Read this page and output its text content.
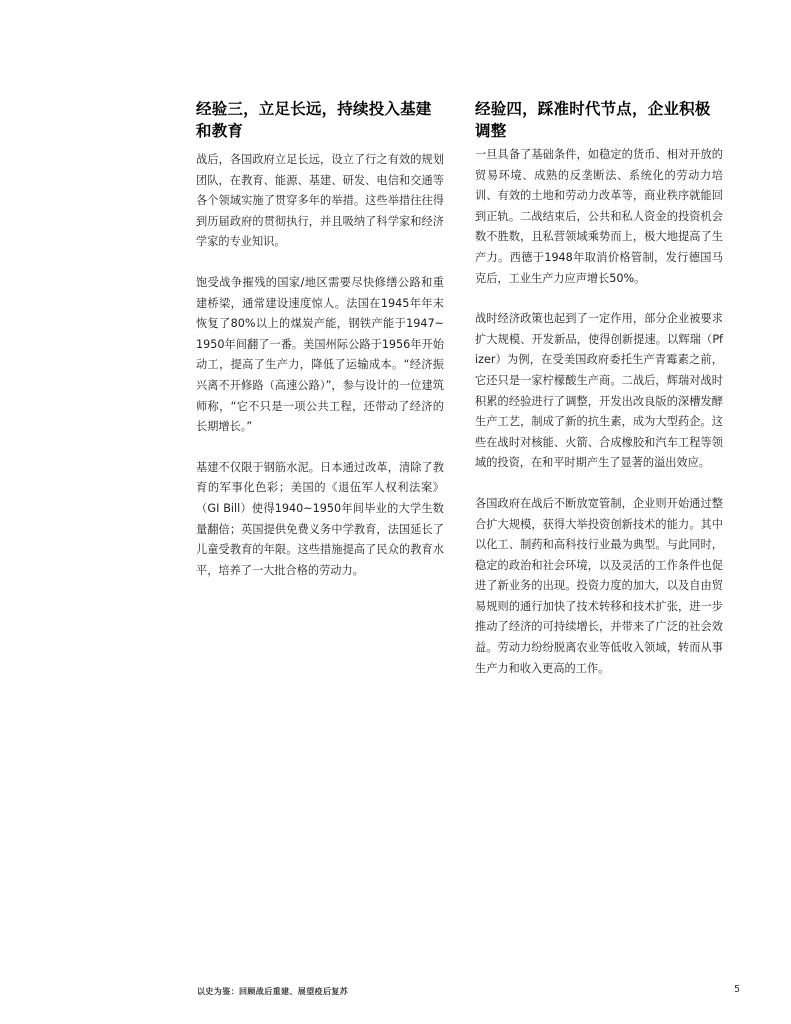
经验三，立足长远，持续投入基建和教育

战后，各国政府立足长远，设立了行之有效的规划团队，在教育、能源、基建、研发、电信和交通等各个领域实施了贯穿多年的举措。这些举措往往得到历届政府的贯彻执行，并且吸纳了科学家和经济学家的专业知识。

饱受战争摧残的国家/地区需要尽快修缮公路和重建桥梁，通常建设速度惊人。法国在1945年年末恢复了80%以上的煤炭产能，钢铁产能于1947~1950年间翻了一番。美国州际公路于1956年开始动工，提高了生产力，降低了运输成本。“经济振兴离不开修路（高速公路）”，参与设计的一位建筑师称，“它不只是一项公共工程，还带动了经济的长期增长。”

基建不仅限于钢筋水泥。日本通过改革，清除了教育的军事化色彩；美国的《退伍军人权利法案》（GI Bill）使得1940~1950年间毕业的大学生数量翻倍；英国提供免费义务中学教育，法国延长了儿童受教育的年限。这些措施提高了民众的教育水平，培养了一大批合格的劳动力。

经验四，踩准时代节点，企业积极调整

一旦具备了基础条件，如稳定的货币、相对开放的贸易环境、成熟的反垄断法、系统化的劳动力培训、有效的土地和劳动力改革等，商业秩序就能回到正轨。二战结束后，公共和私人资金的投资机会数不胜数，且私营领域乘势而上，极大地提高了生产力。西德于1948年取消价格管制，发行德国马克后，工业生产力应声增长50%。

战时经济政策也起到了一定作用，部分企业被要求扩大规模、开发新品，使得创新提速。以辉瑞（Pfizer）为例，在受美国政府委托生产青霉素之前，它还只是一家柠檬酸生产商。二战后，辉瑞对战时积累的经验进行了调整，开发出改良版的深槽发酵生产工艺，制成了新的抗生素，成为大型药企。这些在战时对核能、火箭、合成橡胶和汽车工程等领域的投资，在和平时期产生了显著的溢出效应。

各国政府在战后不断放宽管制，企业则开始通过整合扩大规模，获得大举投资创新技术的能力。其中以化工、制药和高科技行业最为典型。与此同时，稳定的政治和社会环境，以及灵活的工作条件也促进了新业务的出现。投资力度的加大，以及自由贸易规则的通行加快了技术转移和技术扩张，进一步推动了经济的可持续增长，并带来了广泛的社会效益。劳动力纷纷脱离农业等低收入领域，转而从事生产力和收入更高的工作。

以史为鉴：回顾战后重建、展望疫后复苏	5
